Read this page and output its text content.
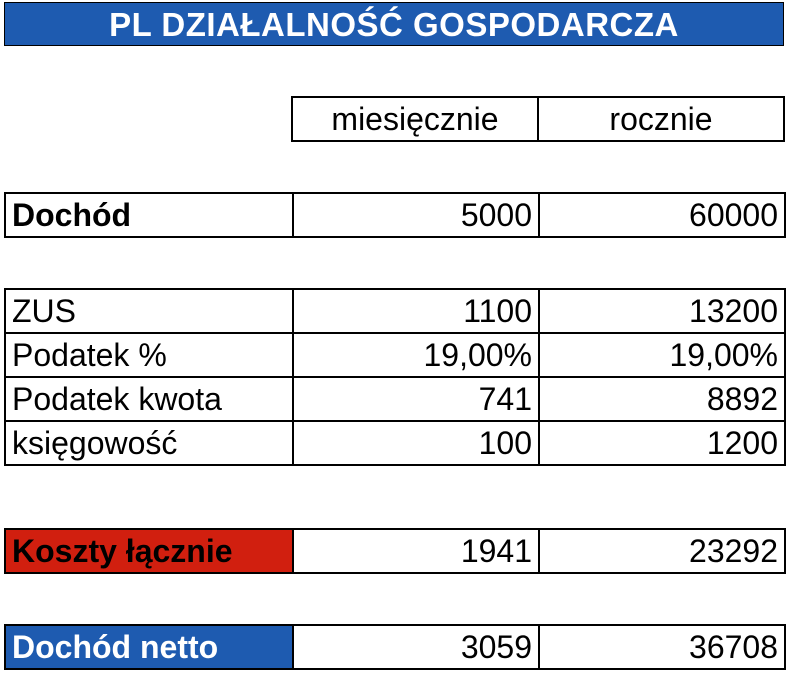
PL DZIAŁALNOŚĆ GOSPODARCZA
	miesięcznie	rocznie
Dochód	5000	60000
ZUS	1100	13200
Podatek %	19,00%	19,00%
Podatek kwota	741	8892
księgowość	100	1200
Koszty łącznie	1941	23292
Dochód netto	3059	36708
